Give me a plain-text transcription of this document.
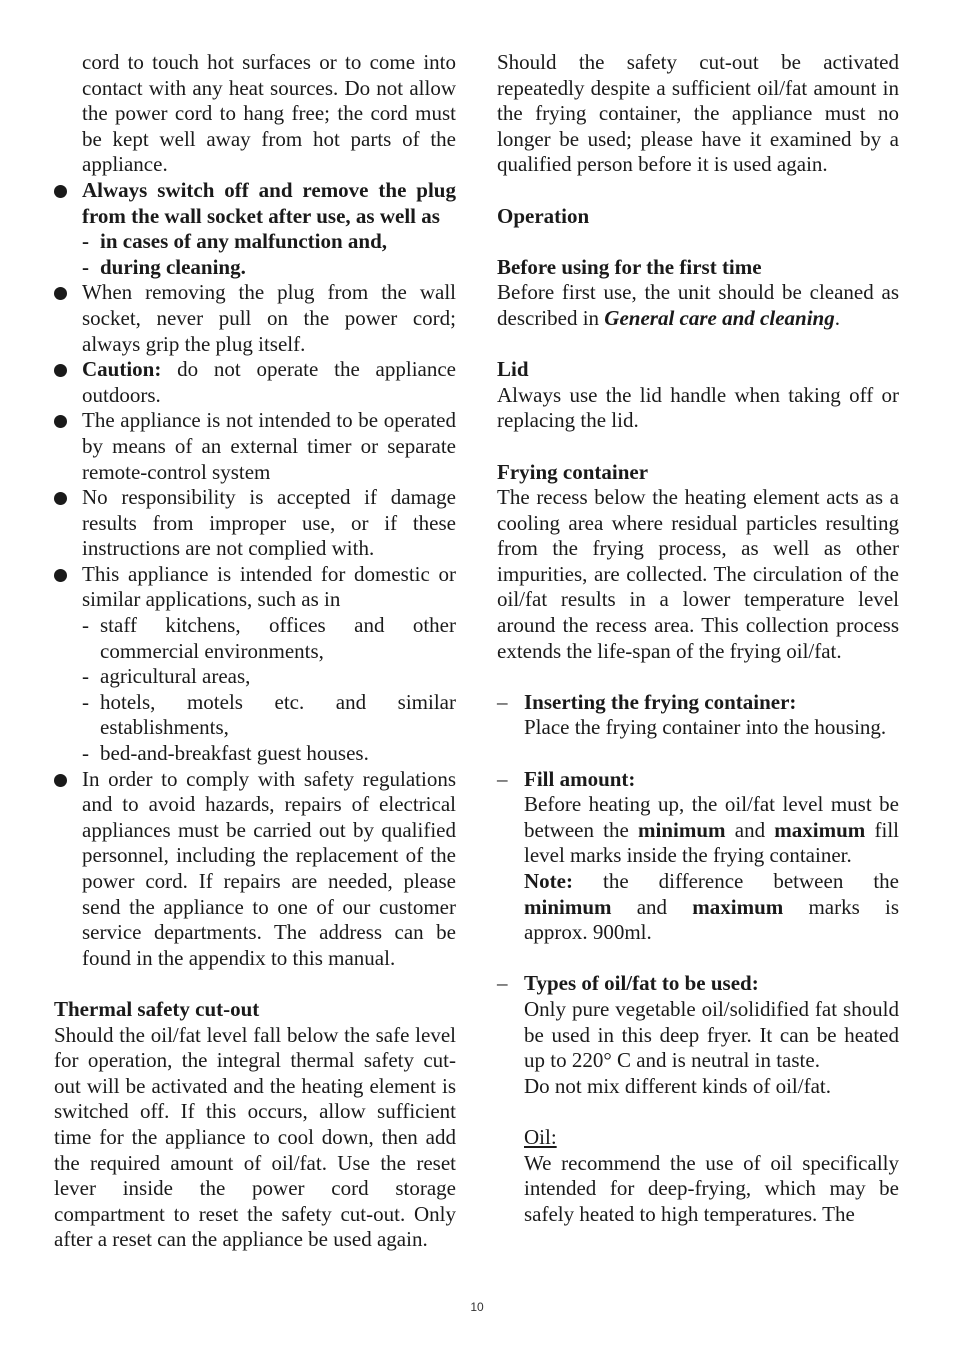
cord to touch hot surfaces or to come into contact with any heat sources. Do not allow the power cord to hang free; the cord must be kept well away from hot parts of the appliance.
Always switch off and remove the plug from the wall socket after use, as well as
- in cases of any malfunction and,
- during cleaning.
When removing the plug from the wall socket, never pull on the power cord; always grip the plug itself.
Caution: do not operate the appliance outdoors.
The appliance is not intended to be operated by means of an external timer or separate remote-control system
No responsibility is accepted if damage results from improper use, or if these instructions are not complied with.
This appliance is intended for domestic or similar applications, such as in
- staff kitchens, offices and other commercial environments,
- agricultural areas,
- hotels, motels etc. and similar establishments,
- bed-and-breakfast guest houses.
In order to comply with safety regulations and to avoid hazards, repairs of electrical appliances must be carried out by qualified personnel, including the replacement of the power cord. If repairs are needed, please send the appliance to one of our customer service departments. The address can be found in the appendix to this manual.
Thermal safety cut-out
Should the oil/fat level fall below the safe level for operation, the integral thermal safety cut-out will be activated and the heating element is switched off. If this occurs, allow sufficient time for the appliance to cool down, then add the required amount of oil/fat. Use the reset lever inside the power cord storage compartment to reset the safety cut-out. Only after a reset can the appliance be used again.
Should the safety cut-out be activated repeatedly despite a sufficient oil/fat amount in the frying container, the appliance must no longer be used; please have it examined by a qualified person before it is used again.
Operation
Before using for the first time
Before first use, the unit should be cleaned as described in General care and cleaning.
Lid
Always use the lid handle when taking off or replacing the lid.
Frying container
The recess below the heating element acts as a cooling area where residual particles resulting from the frying process, as well as other impurities, are collected. The circulation of the oil/fat results in a lower temperature level around the recess area. This collection process extends the life-span of the frying oil/fat.
– Inserting the frying container:
Place the frying container into the housing.
– Fill amount:
Before heating up, the oil/fat level must be between the minimum and maximum fill level marks inside the frying container.
Note: the difference between the
minimum and maximum marks is
approx. 900ml.
– Types of oil/fat to be used:
Only pure vegetable oil/solidified fat should be used in this deep fryer. It can be heated up to 220° C and is neutral in taste.
Do not mix different kinds of oil/fat.
Oil:
We recommend the use of oil specifically intended for deep-frying, which may be safely heated to high temperatures. The
10
